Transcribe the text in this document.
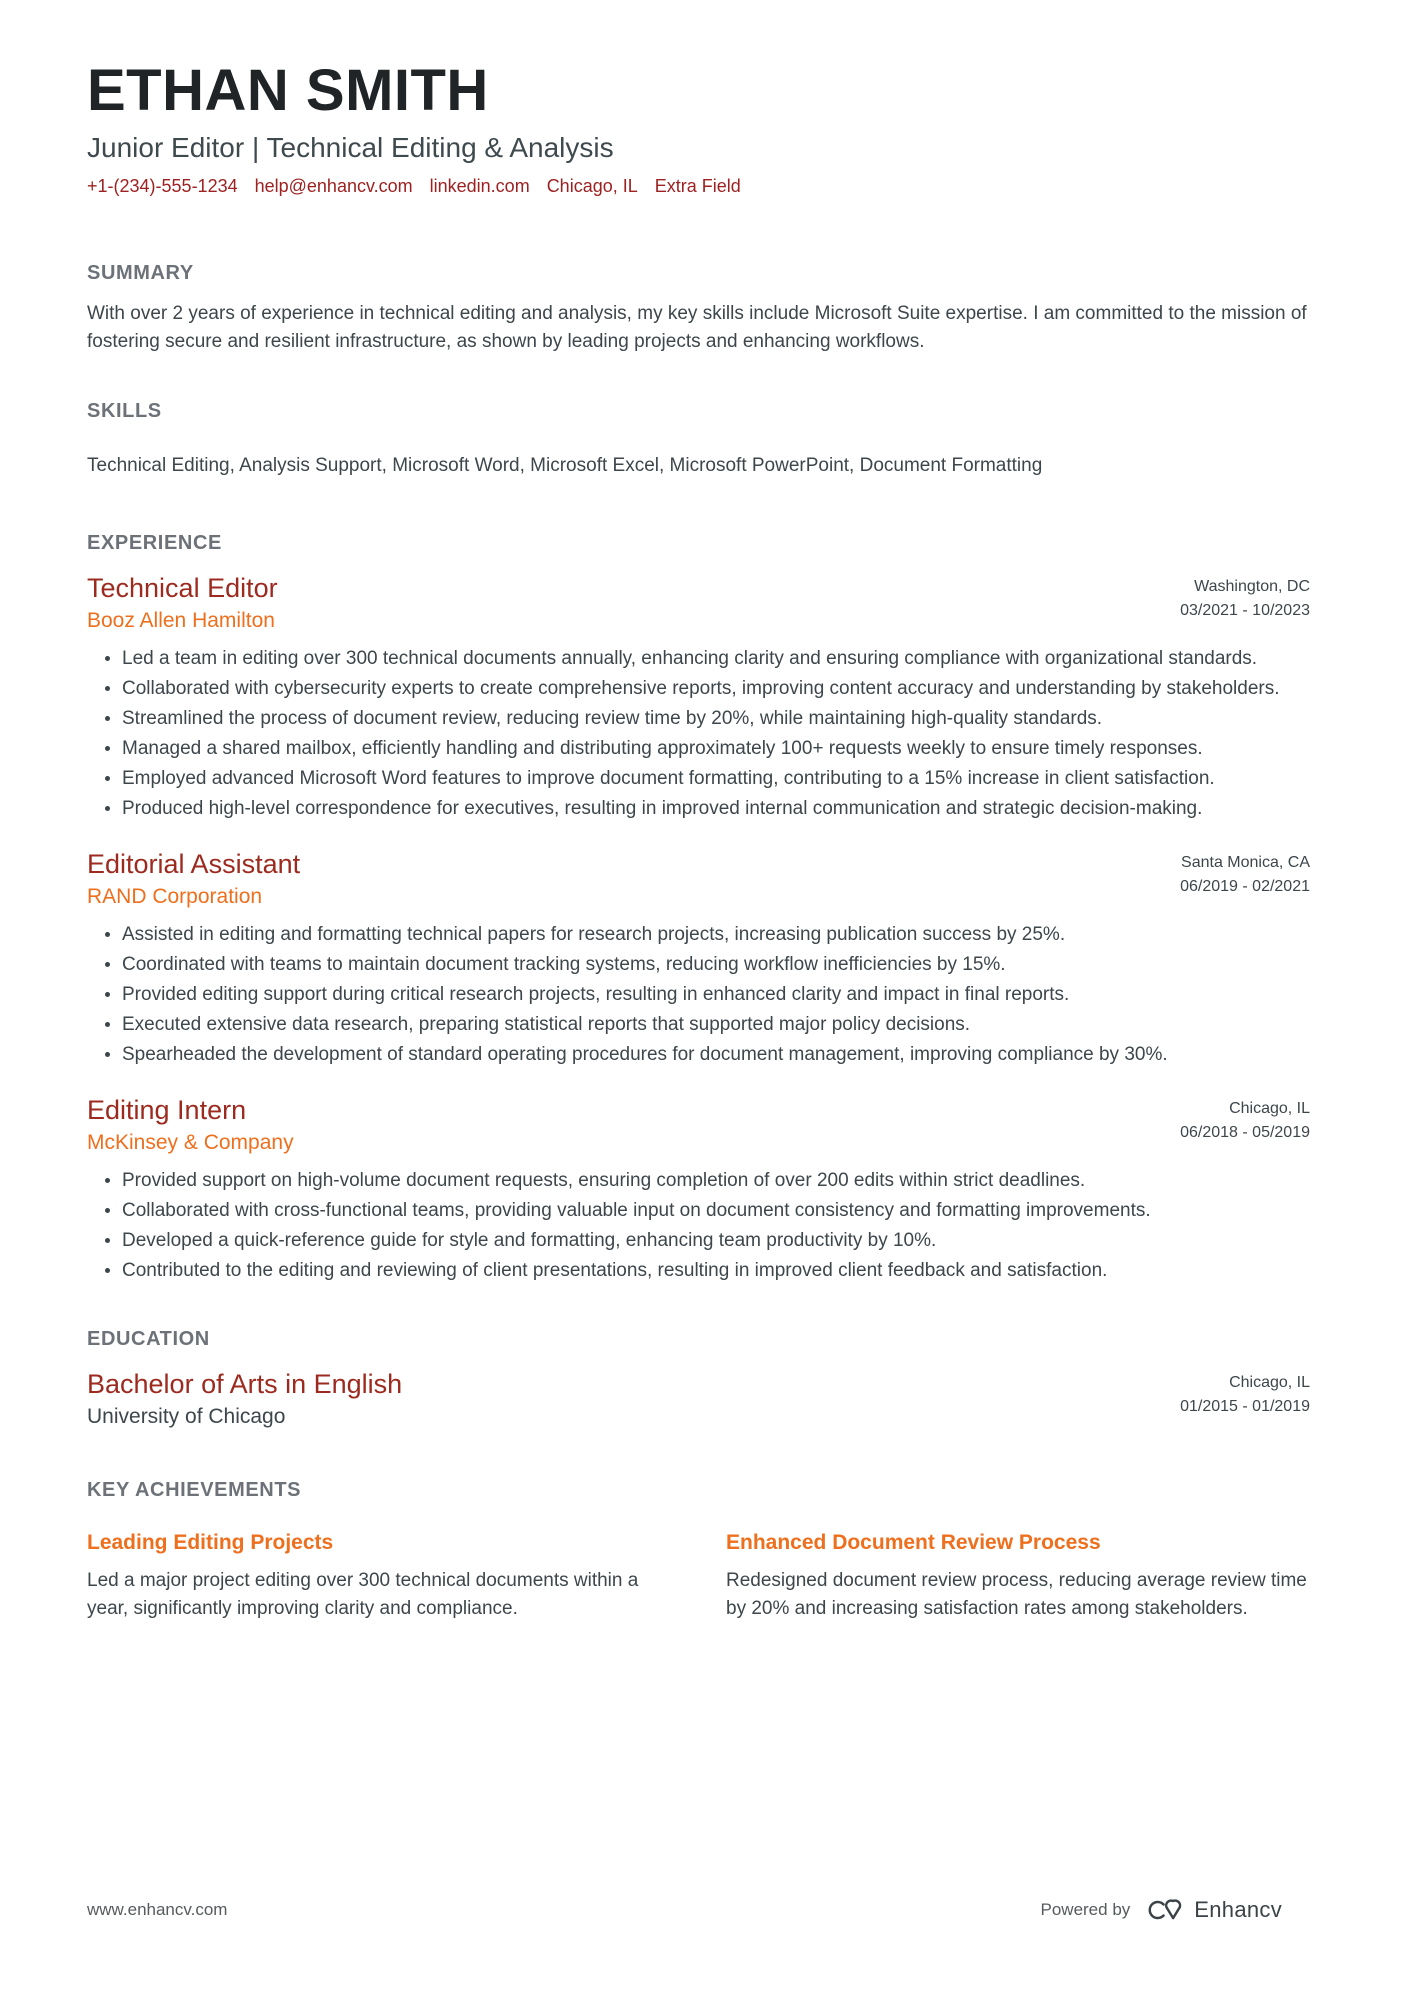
ETHAN SMITH
Junior Editor | Technical Editing & Analysis
+1-(234)-555-1234 help@enhancv.com linkedin.com Chicago, IL Extra Field
SUMMARY

With over 2 years of experience in technical editing and analysis, my key skills include Microsoft Suite expertise. I am committed to the mission of fostering secure and resilient infrastructure, as shown by leading projects and enhancing workflows.

SKILLS

Technical Editing, Analysis Support, Microsoft Word, Microsoft Excel, Microsoft PowerPoint, Document Formatting

EXPERIENCE
Technical Editor
Booz Allen Hamilton
Washington, DC
03/2021 - 10/2023
Led a team in editing over 300 technical documents annually, enhancing clarity and ensuring compliance with organizational standards.
Collaborated with cybersecurity experts to create comprehensive reports, improving content accuracy and understanding by stakeholders.
Streamlined the process of document review, reducing review time by 20%, while maintaining high-quality standards.
Managed a shared mailbox, efficiently handling and distributing approximately 100+ requests weekly to ensure timely responses.
Employed advanced Microsoft Word features to improve document formatting, contributing to a 15% increase in client satisfaction.
Produced high-level correspondence for executives, resulting in improved internal communication and strategic decision-making.
Editorial Assistant
RAND Corporation
Santa Monica, CA
06/2019 - 02/2021
Assisted in editing and formatting technical papers for research projects, increasing publication success by 25%.
Coordinated with teams to maintain document tracking systems, reducing workflow inefficiencies by 15%.
Provided editing support during critical research projects, resulting in enhanced clarity and impact in final reports.
Executed extensive data research, preparing statistical reports that supported major policy decisions.
Spearheaded the development of standard operating procedures for document management, improving compliance by 30%.
Editing Intern
McKinsey & Company
Chicago, IL
06/2018 - 05/2019
Provided support on high-volume document requests, ensuring completion of over 200 edits within strict deadlines.
Collaborated with cross-functional teams, providing valuable input on document consistency and formatting improvements.
Developed a quick-reference guide for style and formatting, enhancing team productivity by 10%.
Contributed to the editing and reviewing of client presentations, resulting in improved client feedback and satisfaction.
EDUCATION
Bachelor of Arts in English
University of Chicago
Chicago, IL
01/2015 - 01/2019
KEY ACHIEVEMENTS
Leading Editing Projects

Led a major project editing over 300 technical documents within a year, significantly improving clarity and compliance.

Enhanced Document Review Process

Redesigned document review process, reducing average review time by 20% and increasing satisfaction rates among stakeholders.

www.enhancv.com	Powered by	Enhancv
